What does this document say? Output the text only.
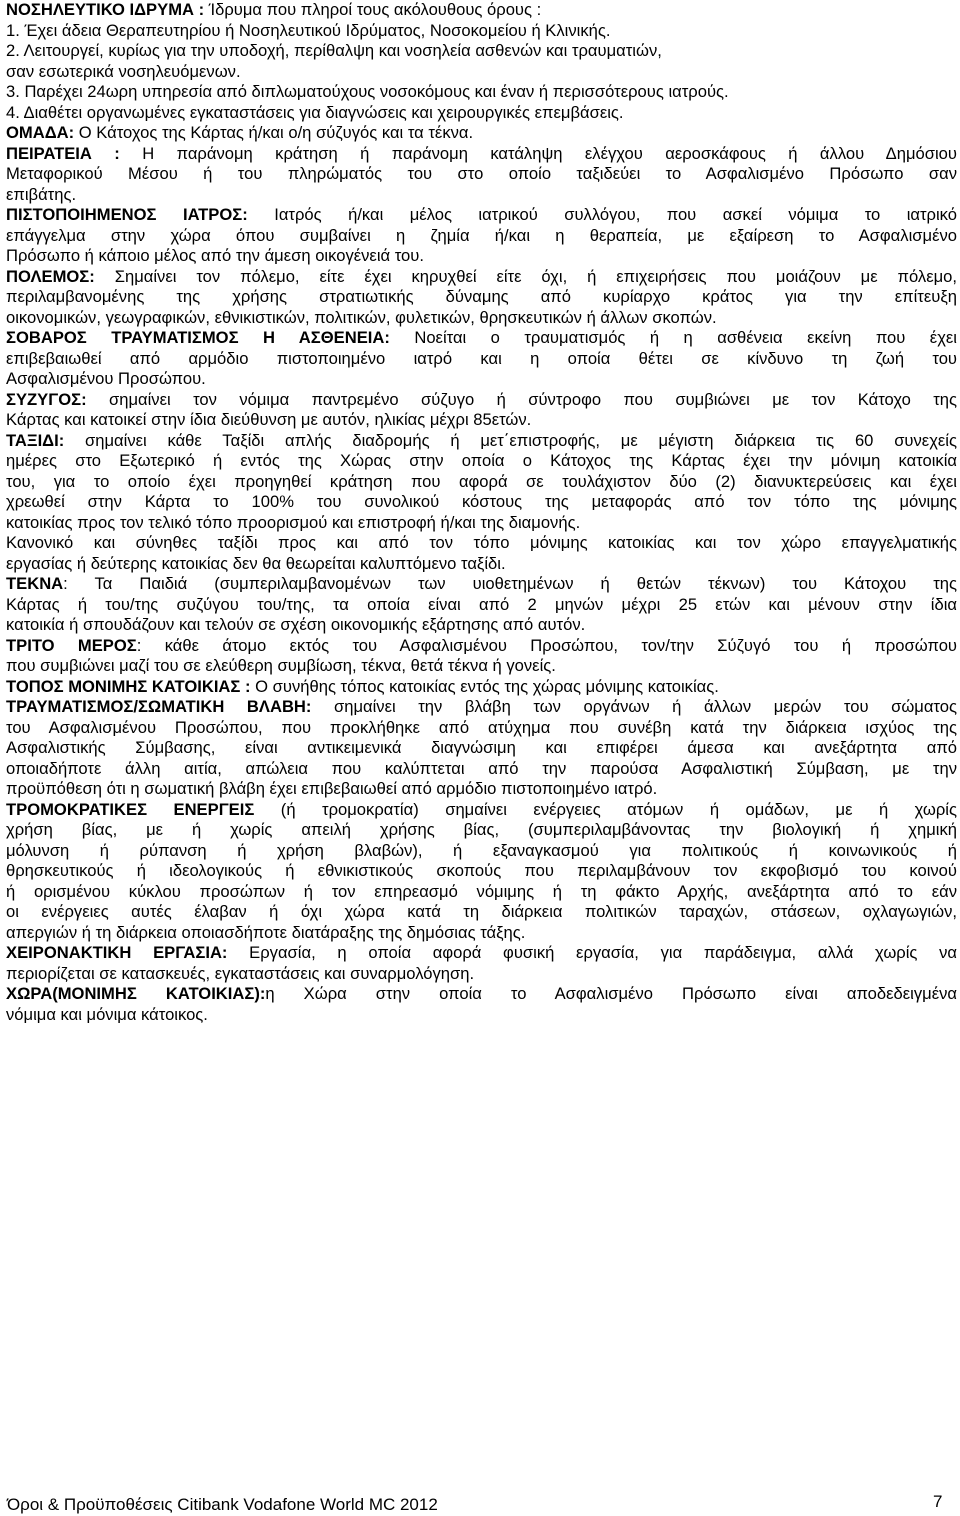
ΝΟΣΗΛΕΥΤΙΚΟ ΙΔΡΥΜΑ : Ίδρυμα που πληροί τους ακόλουθους όρους :
1. Έχει άδεια Θεραπευτηρίου ή Νοσηλευτικού Ιδρύματος, Νοσοκομείου ή Κλινικής.
2. Λειτουργεί, κυρίως για την υποδοχή, περίθαλψη και νοσηλεία ασθενών και τραυματιών,
σαν εσωτερικά νοσηλευόμενων.
3. Παρέχει 24ωρη υπηρεσία από διπλωματούχους νοσοκόμους και έναν ή περισσότερους ιατρούς.
4. Διαθέτει οργανωμένες εγκαταστάσεις για διαγνώσεις και χειρουργικές επεμβάσεις.
ΟΜΑΔΑ: Ο Κάτοχος της Κάρτας ή/και ο/η σύζυγός και τα τέκνα.
ΠΕΙΡΑΤΕΙΑ : Η παράνομη κράτηση ή παράνομη κατάληψη ελέγχου αεροσκάφους ή άλλου Δημόσιου
Μεταφορικού Μέσου ή του πληρώματός του στο οποίο ταξιδεύει το Ασφαλισμένο Πρόσωπο σαν
επιβάτης.
ΠΙΣΤΟΠΟΙΗΜΕΝΟΣ ΙΑΤΡΟΣ: Ιατρός ή/και μέλος ιατρικού συλλόγου, που ασκεί νόμιμα το ιατρικό
επάγγελμα στην χώρα όπου συμβαίνει η ζημία ή/και η θεραπεία, με εξαίρεση το Ασφαλισμένο
Πρόσωπο ή κάποιο μέλος από την άμεση οικογένειά του.
ΠΟΛΕΜΟΣ: Σημαίνει τον πόλεμο, είτε έχει κηρυχθεί είτε όχι, ή επιχειρήσεις που μοιάζουν με πόλεμο,
περιλαμβανομένης της χρήσης στρατιωτικής δύναμης από κυρίαρχο κράτος για την επίτευξη
οικονομικών, γεωγραφικών, εθνικιστικών, πολιτικών, φυλετικών, θρησκευτικών ή άλλων σκοπών.
ΣΟΒΑΡΟΣ ΤΡΑΥΜΑΤΙΣΜΟΣ Η ΑΣΘΕΝΕΙΑ: Νοείται ο τραυματισμός ή η ασθένεια εκείνη που έχει
επιβεβαιωθεί από αρμόδιο πιστοποιημένο ιατρό και η οποία θέτει σε κίνδυνο τη ζωή του
Ασφαλισμένου Προσώπου.
ΣΥΖΥΓΟΣ: σημαίνει τον νόμιμα παντρεμένο σύζυγο ή σύντροφο που συμβιώνει με τον Κάτοχο της
Κάρτας και κατοικεί στην ίδια διεύθυνση με αυτόν, ηλικίας μέχρι 85ετών.
ΤΑΞΙΔΙ: σημαίνει κάθε Ταξίδι απλής διαδρομής ή μετ΄επιστροφής, με μέγιστη διάρκεια τις 60 συνεχείς
ημέρες στο Εξωτερικό ή εντός της Χώρας στην οποία ο Κάτοχος της Κάρτας έχει την μόνιμη κατοικία
του, για το οποίο έχει προηγηθεί κράτηση που αφορά σε τουλάχιστον δύο (2) διανυκτερεύσεις και έχει
χρεωθεί στην Κάρτα το 100% του συνολικού κόστους της μεταφοράς από τον τόπο της μόνιμης
κατοικίας προς τον τελικό τόπο προορισμού και επιστροφή ή/και της διαμονής.
Κανονικό και σύνηθες ταξίδι προς και από τον τόπο μόνιμης κατοικίας και τον χώρο επαγγελματικής
εργασίας ή δεύτερης κατοικίας δεν θα θεωρείται καλυπτόμενο ταξίδι.
ΤΕΚΝΑ: Τα Παιδιά (συμπεριλαμβανομένων των υιοθετημένων ή θετών τέκνων) του Κάτοχου της
Κάρτας ή του/της συζύγου του/της, τα οποία είναι από 2 μηνών μέχρι 25 ετών και μένουν στην ίδια
κατοικία ή σπουδάζουν και τελούν σε σχέση οικονομικής εξάρτησης από αυτόν.
ΤΡΙΤΟ ΜΕΡΟΣ: κάθε άτομο εκτός του Ασφαλισμένου Προσώπου, τον/την Σύζυγό του ή προσώπου
που συμβιώνει μαζί του σε ελεύθερη συμβίωση, τέκνα, θετά τέκνα ή γονείς.
ΤΟΠΟΣ ΜΟΝΙΜΗΣ ΚΑΤΟΙΚΙΑΣ : Ο συνήθης τόπος κατοικίας εντός της χώρας μόνιμης κατοικίας.
ΤΡΑΥΜΑΤΙΣΜΟΣ/ΣΩΜΑΤΙΚΗ ΒΛΑΒΗ: σημαίνει την βλάβη των οργάνων ή άλλων μερών του σώματος
του Ασφαλισμένου Προσώπου, που προκλήθηκε από ατύχημα που συνέβη κατά την διάρκεια ισχύος της
Ασφαλιστικής Σύμβασης, είναι αντικειμενικά διαγνώσιμη και επιφέρει άμεσα και ανεξάρτητα από
οποιαδήποτε άλλη αιτία, απώλεια που καλύπτεται από την παρούσα Ασφαλιστική Σύμβαση, με την
προϋπόθεση ότι η σωματική βλάβη έχει επιβεβαιωθεί από αρμόδιο πιστοποιημένο ιατρό.
ΤΡΟΜΟΚΡΑΤΙΚΕΣ ΕΝΕΡΓΕΙΣ (ή τρομοκρατία) σημαίνει ενέργειες ατόμων ή ομάδων, με ή χωρίς
χρήση βίας, με ή χωρίς απειλή χρήσης βίας, (συμπεριλαμβάνοντας την βιολογική ή χημική
μόλυνση ή ρύπανση ή χρήση βλαβών), ή εξαναγκασμού για πολιτικούς ή κοινωνικούς ή
θρησκευτικούς ή ιδεολογικούς ή εθνικιστικούς σκοπούς που περιλαμβάνουν τον εκφοβισμό του κοινού
ή ορισμένου κύκλου προσώπων ή τον επηρεασμό νόμιμης ή τη φάκτο Αρχής, ανεξάρτητα από το εάν
οι ενέργειες αυτές έλαβαν ή όχι χώρα κατά τη διάρκεια πολιτικών ταραχών, στάσεων, οχλαγωγιών,
απεργιών ή τη διάρκεια οποιασδήποτε διατάραξης της δημόσιας τάξης.
ΧΕΙΡΟΝΑΚΤΙΚΗ ΕΡΓΑΣΙΑ: Εργασία, η οποία αφορά φυσική εργασία, για παράδειγμα, αλλά χωρίς να
περιορίζεται σε κατασκευές, εγκαταστάσεις και συναρμολόγηση.
ΧΩΡΑ(ΜΟΝΙΜΗΣ ΚΑΤΟΙΚΙΑΣ):η Χώρα στην οποία το Ασφαλισμένο Πρόσωπο είναι αποδεδειγμένα
νόμιμα και μόνιμα κάτοικος.
Όροι & Προϋποθέσεις Citibank Vodafone World MC 2012	7
